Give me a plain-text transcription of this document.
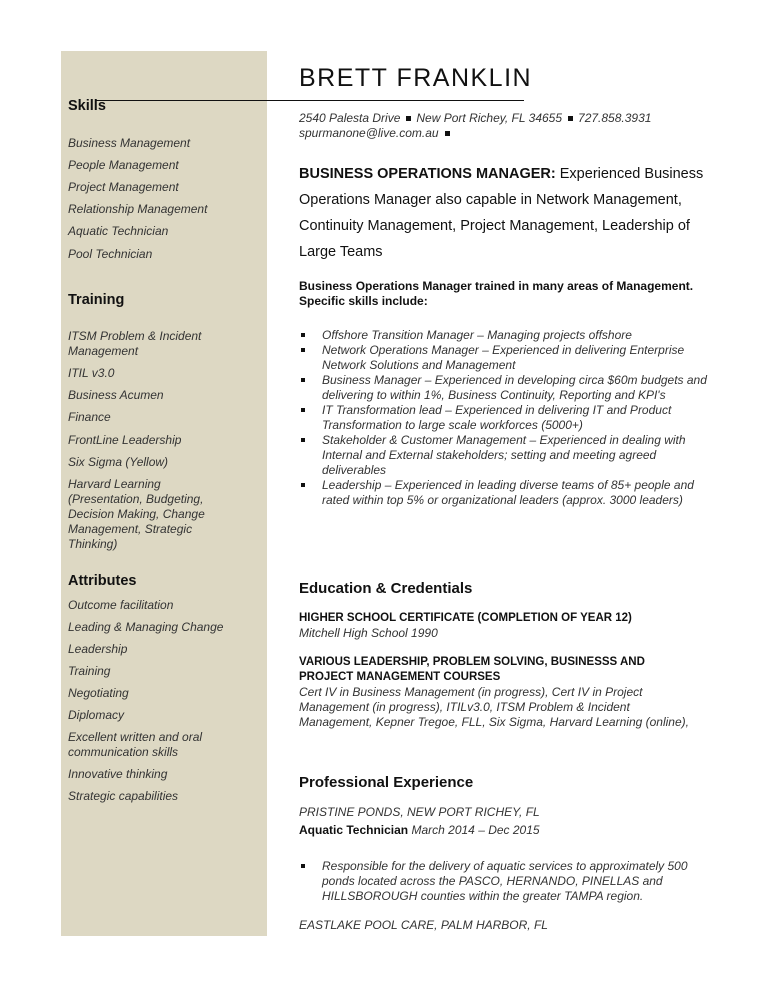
Skills

Business Management

People Management

Project Management

Relationship Management

Aquatic Technician

Pool Technician

Training

ITSM Problem & Incident Management

ITIL v3.0

Business Acumen

Finance

FrontLine Leadership

Six Sigma (Yellow)

Harvard Learning (Presentation, Budgeting, Decision Making, Change Management, Strategic Thinking)

Attributes

Outcome facilitation

Leading & Managing Change

Leadership

Training

Negotiating

Diplomacy

Excellent written and oral communication skills

Innovative thinking

Strategic capabilities

BRETT FRANKLIN
2540 Palesta Drive New Port Richey, FL 34655 727.858.3931
spurmanone@live.com.au
BUSINESS OPERATIONS MANAGER: Experienced Business Operations Manager also capable in Network Management, Continuity Management, Project Management, Leadership of Large Teams
Business Operations Manager trained in many areas of Management. Specific skills include:
Offshore Transition Manager – Managing projects offshore
Network Operations Manager – Experienced in delivering Enterprise Network Solutions and Management
Business Manager – Experienced in developing circa $60m budgets and delivering to within 1%, Business Continuity, Reporting and KPI's
IT Transformation lead – Experienced in delivering IT and Product Transformation to large scale workforces (5000+)
Stakeholder & Customer Management – Experienced in dealing with Internal and External stakeholders; setting and meeting agreed deliverables
Leadership – Experienced in leading diverse teams of 85+ people and rated within top 5% or organizational leaders (approx. 3000 leaders)
Education & Credentials
HIGHER SCHOOL CERTIFICATE (COMPLETION OF YEAR 12)
Mitchell High School 1990
VARIOUS LEADERSHIP, PROBLEM SOLVING, BUSINESSS AND PROJECT MANAGEMENT COURSES
Cert IV in Business Management (in progress), Cert IV in Project Management (in progress), ITILv3.0, ITSM Problem & Incident Management, Kepner Tregoe, FLL, Six Sigma, Harvard Learning (online),
Professional Experience
PRISTINE PONDS, NEW PORT RICHEY, FL
Aquatic Technician March 2014 – Dec 2015
Responsible for the delivery of aquatic services to approximately 500 ponds located across the PASCO, HERNANDO, PINELLAS and HILLSBOROUGH counties within the greater TAMPA region.
EASTLAKE POOL CARE, PALM HARBOR, FL
